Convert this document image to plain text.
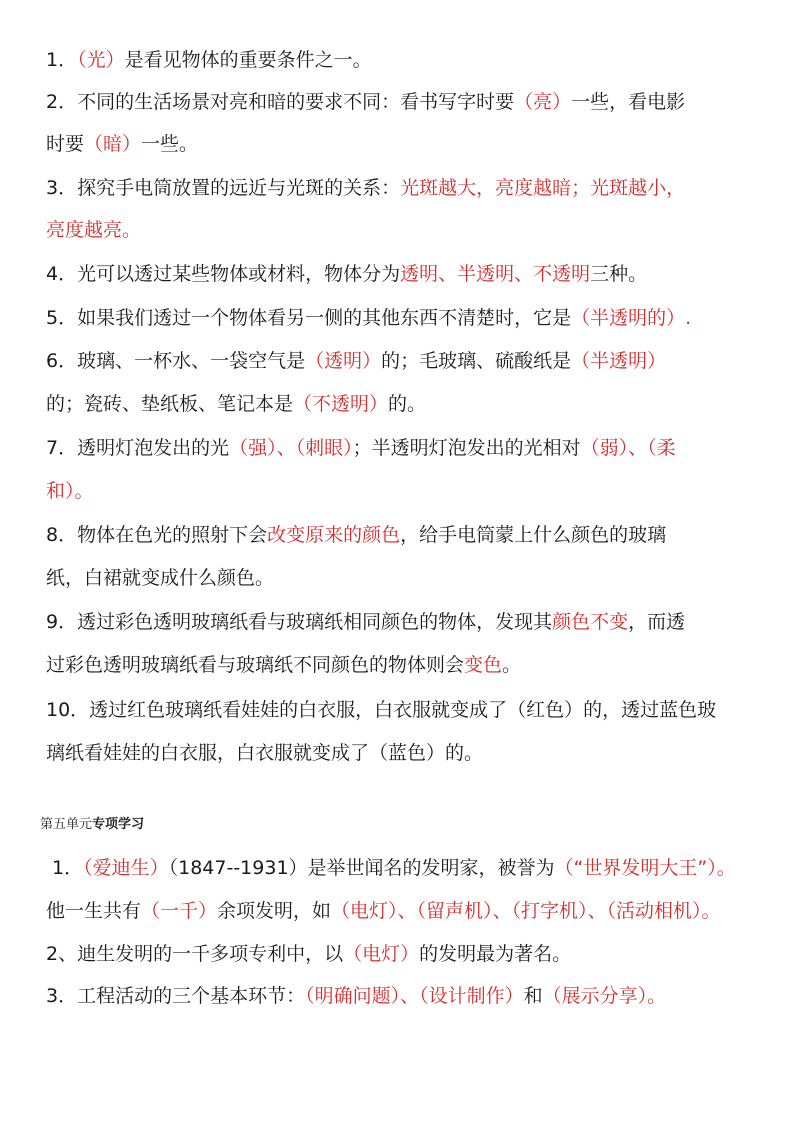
1．（光）是看见物体的重要条件之一。
2．不同的生活场景对亮和暗的要求不同：看书写字时要（亮）一些，看电影
时要（暗）一些。
3．探究手电筒放置的远近与光斑的关系：光斑越大，亮度越暗；光斑越小，
亮度越亮。
4．光可以透过某些物体或材料，物体分为透明、半透明、不透明三种。
5．如果我们透过一个物体看另一侧的其他东西不清楚时，它是（半透明的）.
6．玻璃、一杯水、一袋空气是（透明）的；毛玻璃、硫酸纸是（半透明）
的；瓷砖、垫纸板、笔记本是（不透明）的。
7．透明灯泡发出的光（强）、（刺眼）；半透明灯泡发出的光相对（弱）、（柔
和）。
8．物体在色光的照射下会改变原来的颜色，给手电筒蒙上什么颜色的玻璃
纸，白裙就变成什么颜色。
9．透过彩色透明玻璃纸看与玻璃纸相同颜色的物体，发现其颜色不变，而透
过彩色透明玻璃纸看与玻璃纸不同颜色的物体则会变色。
10．透过红色玻璃纸看娃娃的白衣服，白衣服就变成了（红色）的，透过蓝色玻
璃纸看娃娃的白衣服，白衣服就变成了（蓝色）的。
第五单元专项学习
1．（爱迪生）（1847--1931）是举世闻名的发明家，被誉为（“世界发明大王”）。
他一生共有（一千）余项发明，如（电灯）、（留声机）、（打字机）、（活动相机）。
2、迪生发明的一千多项专利中，以（电灯）的发明最为著名。
3．工程活动的三个基本环节：（明确问题）、（设计制作）和（展示分享）。
